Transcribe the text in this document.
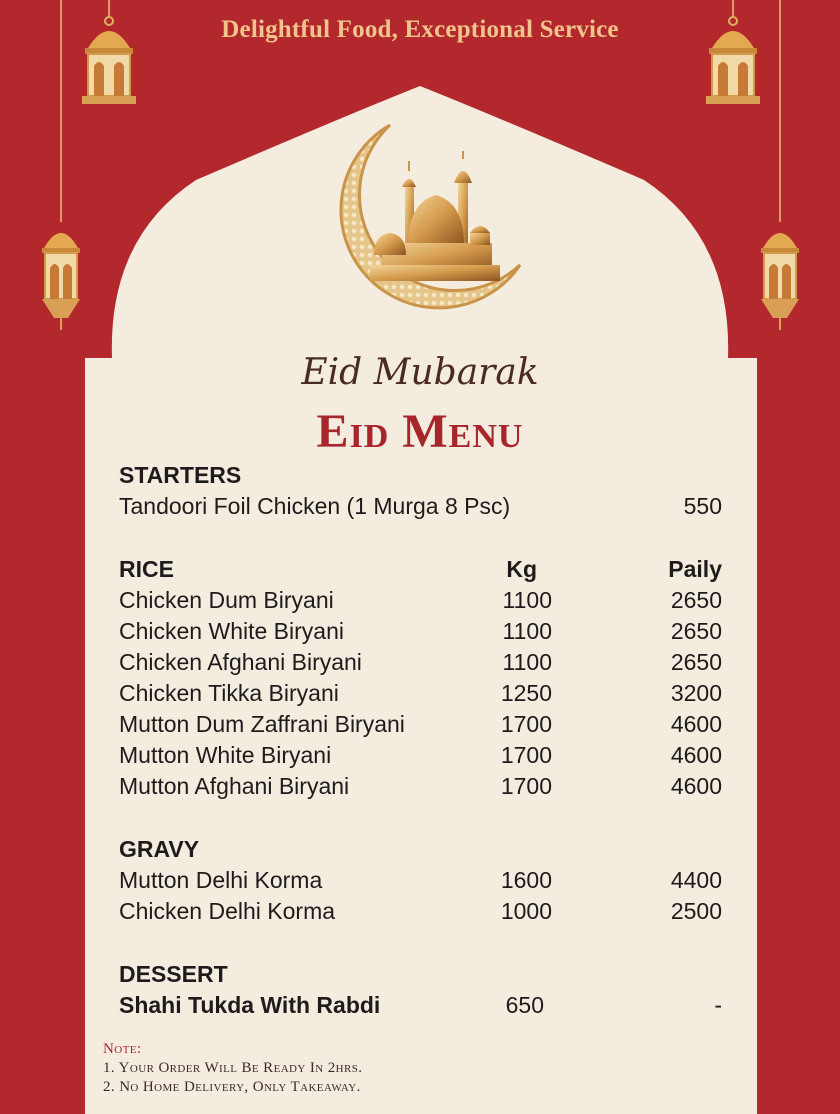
Delightful Food, Exceptional Service
Eid Mubarak
Eid Menu
STARTERS
Tandoori Foil Chicken (1 Murga 8 Psc)	550
RICE	Kg	Paily
Chicken Dum Biryani	1100	2650
Chicken White Biryani	1100	2650
Chicken Afghani Biryani	1100	2650
Chicken Tikka Biryani	1250	3200
Mutton Dum Zaffrani Biryani	1700	4600
Mutton White Biryani	1700	4600
Mutton Afghani Biryani	1700	4600
GRAVY
Mutton Delhi Korma	1600	4400
Chicken Delhi Korma	1000	2500
DESSERT
Shahi Tukda With Rabdi	650	-
Note:
1. Your Order Will Be Ready In 2hrs.
2. No Home Delivery, Only Takeaway.
